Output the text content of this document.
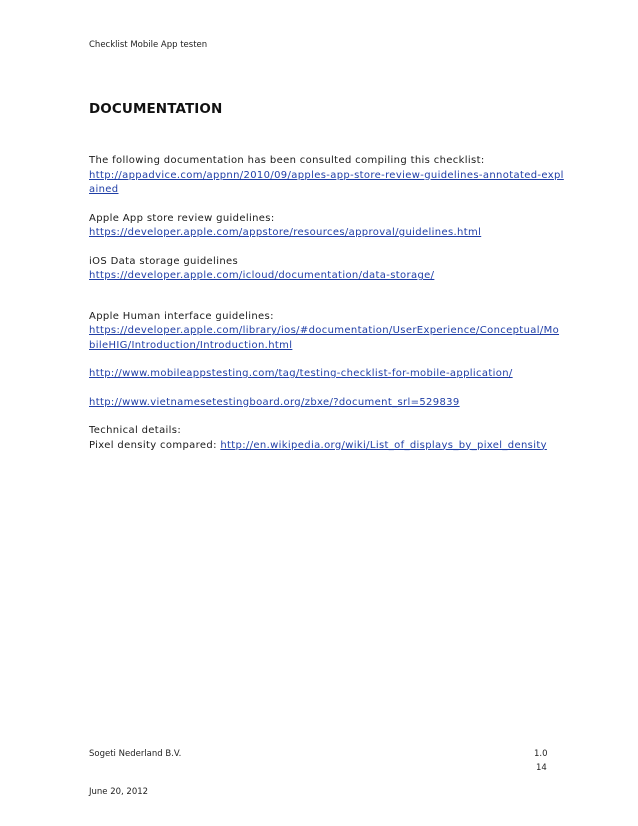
Checklist Mobile App testen
DOCUMENTATION

The following documentation has been consulted compiling this checklist:
http://appadvice.com/appnn/2010/09/apples-app-store-review-guidelines-annotated-explained

Apple App store review guidelines:
https://developer.apple.com/appstore/resources/approval/guidelines.html

iOS Data storage guidelines
https://developer.apple.com/icloud/documentation/data-storage/

Apple Human interface guidelines:
https://developer.apple.com/library/ios/#documentation/UserExperience/Conceptual/MobileHIG/Introduction/Introduction.html

http://www.mobileappstesting.com/tag/testing-checklist-for-mobile-application/

http://www.vietnamesetestingboard.org/zbxe/?document_srl=529839

Technical details:
Pixel density compared: http://en.wikipedia.org/wiki/List_of_displays_by_pixel_density

Sogeti Nederland B.V.	1.0
14
June 20, 2012
